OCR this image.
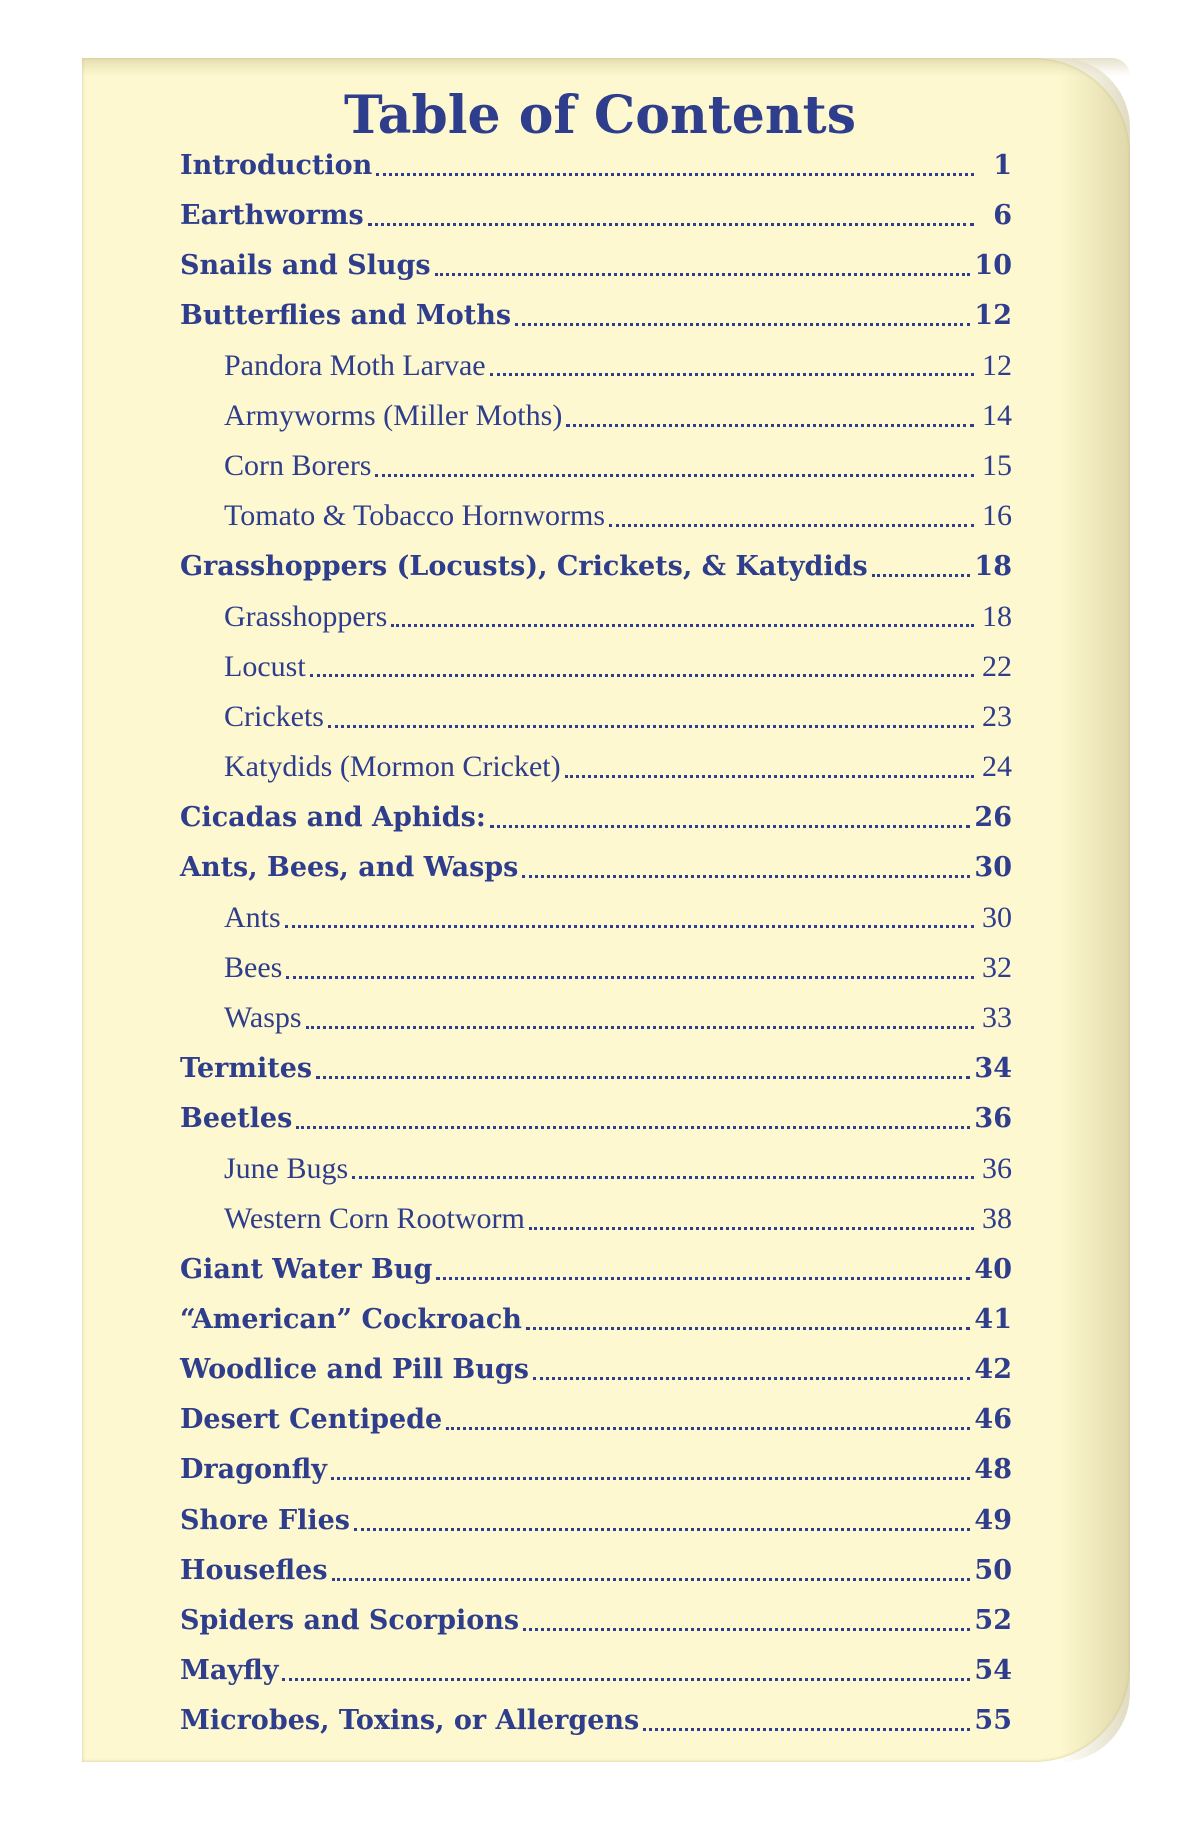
Table of Contents
Introduction	1
Earthworms	6
Snails and Slugs	10
Butterflies and Moths	12
Pandora Moth Larvae	12
Armyworms (Miller Moths)	14
Corn Borers	15
Tomato & Tobacco Hornworms	16
Grasshoppers (Locusts), Crickets, & Katydids	18
Grasshoppers	18
Locust	22
Crickets	23
Katydids (Mormon Cricket)	24
Cicadas and Aphids:	26
Ants, Bees, and Wasps	30
Ants	30
Bees	32
Wasps	33
Termites	34
Beetles	36
June Bugs	36
Western Corn Rootworm	38
Giant Water Bug	40
“American” Cockroach	41
Woodlice and Pill Bugs	42
Desert Centipede	46
Dragonfly	48
Shore Flies	49
Housefles	50
Spiders and Scorpions	52
Mayfly	54
Microbes, Toxins, or Allergens	55
